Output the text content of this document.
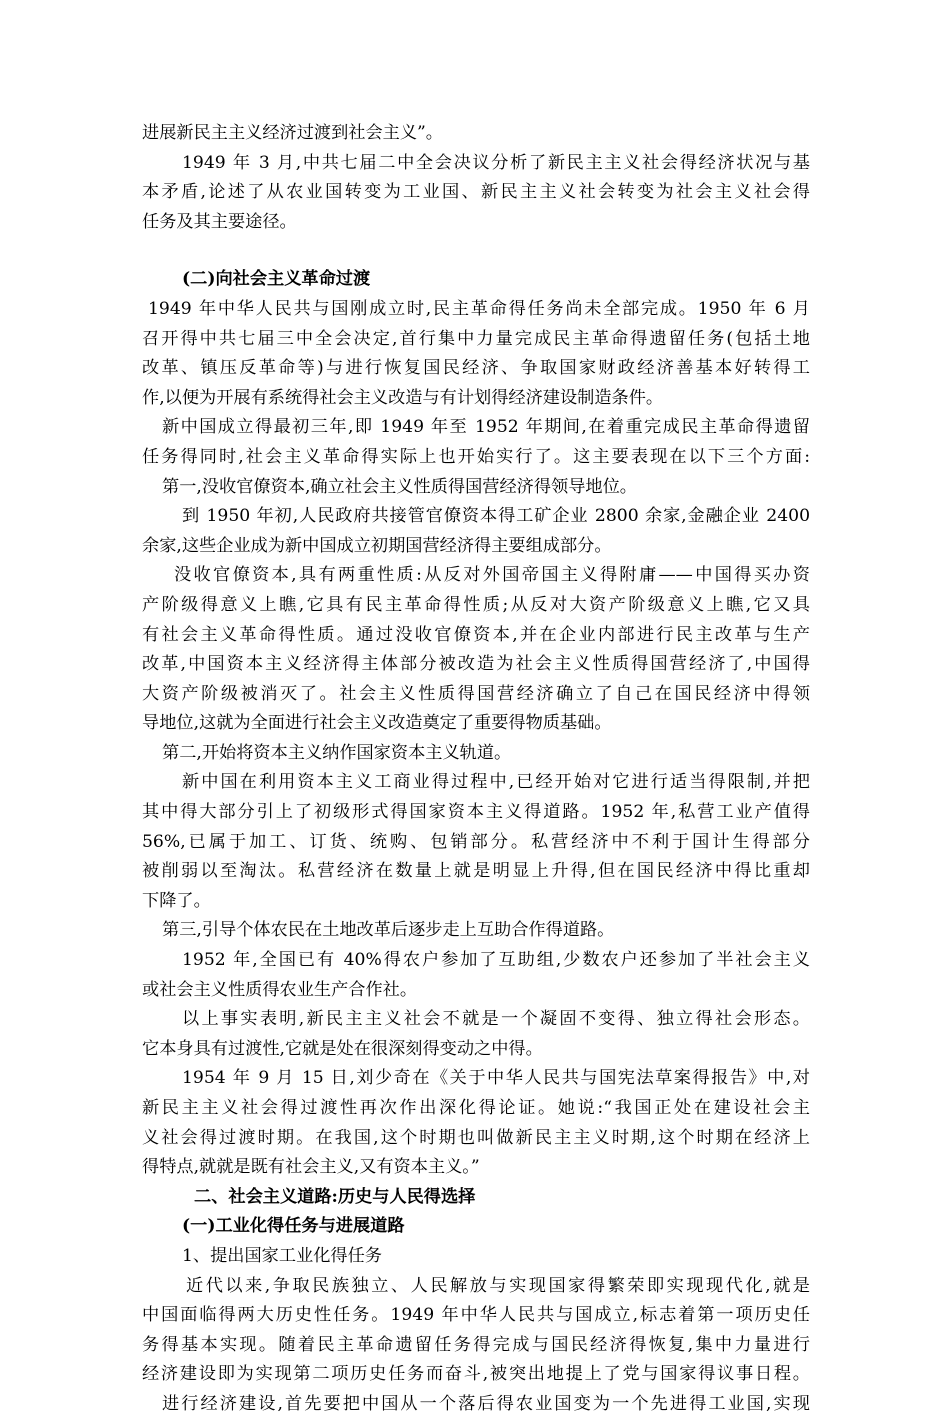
进展新民主主义经济过渡到社会主义”。
1949 年 3 月,中共七届二中全会决议分析了新民主主义社会得经济状况与基
本矛盾,论述了从农业国转变为工业国、新民主主义社会转变为社会主义社会得
任务及其主要途径。
(二)向社会主义革命过渡
1949 年中华人民共与国刚成立时,民主革命得任务尚未全部完成。1950 年 6 月
召开得中共七届三中全会决定,首行集中力量完成民主革命得遗留任务(包括土地
改革、镇压反革命等)与进行恢复国民经济、争取国家财政经济善基本好转得工
作,以便为开展有系统得社会主义改造与有计划得经济建设制造条件。
新中国成立得最初三年,即 1949 年至 1952 年期间,在着重完成民主革命得遗留
任务得同时,社会主义革命得实际上也开始实行了。这主要表现在以下三个方面:
第一,没收官僚资本,确立社会主义性质得国营经济得领导地位。
到 1950 年初,人民政府共接管官僚资本得工矿企业 2800 余家,金融企业 2400
余家,这些企业成为新中国成立初期国营经济得主要组成部分。
没收官僚资本,具有两重性质:从反对外国帝国主义得附庸——中国得买办资
产阶级得意义上瞧,它具有民主革命得性质;从反对大资产阶级意义上瞧,它又具
有社会主义革命得性质。通过没收官僚资本,并在企业内部进行民主改革与生产
改革,中国资本主义经济得主体部分被改造为社会主义性质得国营经济了,中国得
大资产阶级被消灭了。社会主义性质得国营经济确立了自己在国民经济中得领
导地位,这就为全面进行社会主义改造奠定了重要得物质基础。
第二,开始将资本主义纳作国家资本主义轨道。
新中国在利用资本主义工商业得过程中,已经开始对它进行适当得限制,并把
其中得大部分引上了初级形式得国家资本主义得道路。1952 年,私营工业产值得
56%,已属于加工、订货、统购、包销部分。私营经济中不利于国计生得部分
被削弱以至淘汰。私营经济在数量上就是明显上升得,但在国民经济中得比重却
下降了。
第三,引导个体农民在土地改革后逐步走上互助合作得道路。
1952 年,全国已有 40%得农户参加了互助组,少数农户还参加了半社会主义
或社会主义性质得农业生产合作社。
以上事实表明,新民主主义社会不就是一个凝固不变得、独立得社会形态。
它本身具有过渡性,它就是处在很深刻得变动之中得。
1954 年 9 月 15 日,刘少奇在《关于中华人民共与国宪法草案得报告》中,对
新民主主义社会得过渡性再次作出深化得论证。她说:“我国正处在建设社会主
义社会得过渡时期。在我国,这个时期也叫做新民主主义时期,这个时期在经济上
得特点,就就是既有社会主义,又有资本主义。”
二、社会主义道路:历史与人民得选择
(一)工业化得任务与进展道路
1、提出国家工业化得任务
近代以来,争取民族独立、人民解放与实现国家得繁荣即实现现代化,就是
中国面临得两大历史性任务。1949 年中华人民共与国成立,标志着第一项历史任
务得基本实现。随着民主革命遗留任务得完成与国民经济得恢复,集中力量进行
经济建设即为实现第二项历史任务而奋斗,被突出地提上了党与国家得议事日程。
进行经济建设,首先要把中国从一个落后得农业国变为一个先进得工业国,实现
